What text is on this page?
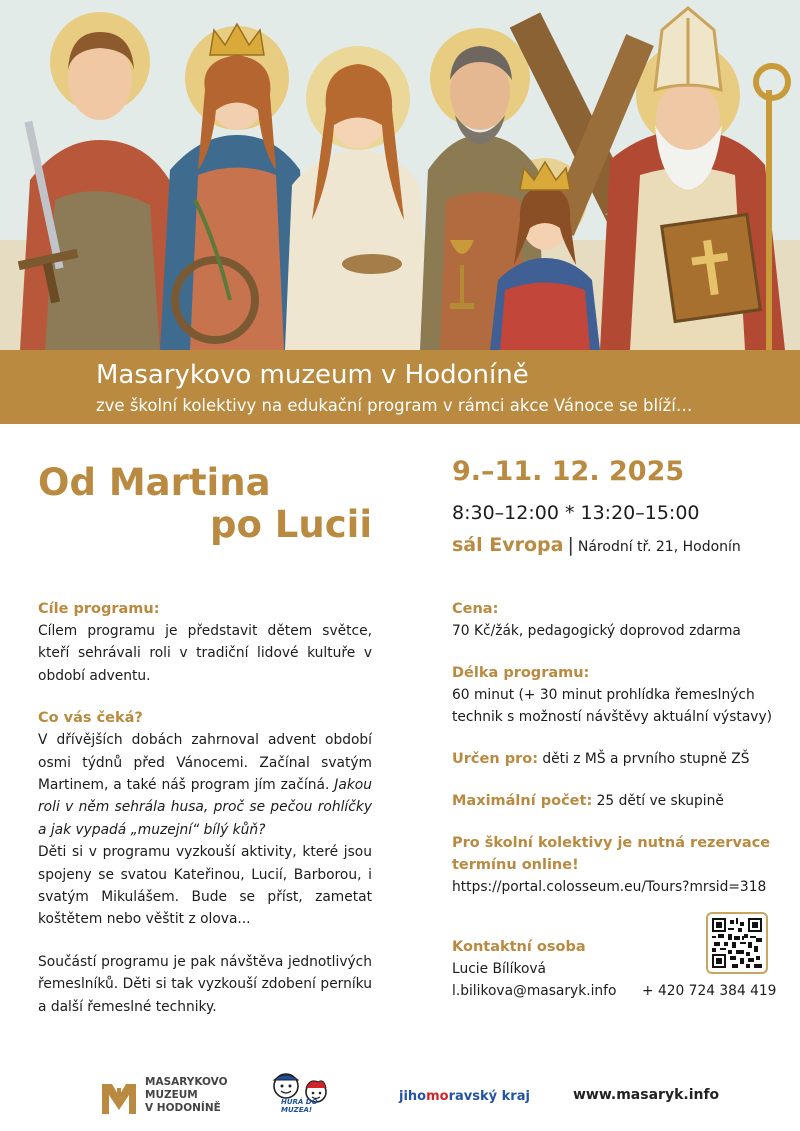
Masarykovo muzeum v Hodoníně
zve školní kolektivy na edukační program v rámci akce Vánoce se blíží…
Od Martina
po Lucii
9.–11. 12. 2025
8:30–12:00 * 13:20–15:00
sál Evropa | Národní tř. 21, Hodonín
Cíle programu:

Cílem programu je představit dětem světce, kteří sehrávali roli v tradiční lidové kultuře v období adventu.

Co vás čeká?

V dřívějších dobách zahrnoval advent období osmi týdnů před Vánocemi. Začínal svatým Martinem, a také náš program jím začíná. Jakou roli v něm sehrála husa, proč se pečou rohlíčky a jak vypadá „muzejní“ bílý kůň?

Děti si v programu vyzkouší aktivity, které jsou spojeny se svatou Kateřinou, Lucií, Barborou, i svatým Mikulášem. Bude se příst, zametat koštětem nebo věštit z olova...

Součástí programu je pak návštěva jednotlivých řemeslníků. Děti si tak vyzkouší zdobení perníku a další řemeslné techniky.

Cena:
70 Kč/žák, pedagogický doprovod zdarma
Délka programu:
60 minut (+ 30 minut prohlídka řemeslných technik s možností návštěvy aktuální výstavy)
Určen pro: děti z MŠ a prvního stupně ZŠ
Maximální počet: 25 dětí ve skupině
Pro školní kolektivy je nutná rezervace termínu online!
https://portal.colosseum.eu/Tours?mrsid=318
Kontaktní osoba
Lucie Bílíková
l.bilikova@masaryk.info + 420 724 384 419
MASARYKOVO
MUZEUM
V HODONÍNĚ	HURÁ DO MUZEA!
jihomoravský kraj	www.masaryk.info
